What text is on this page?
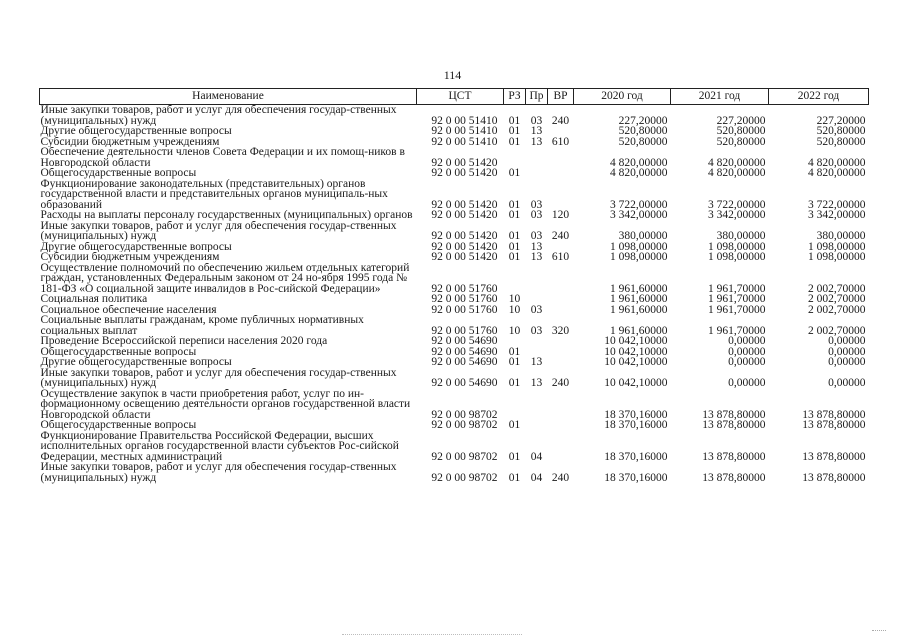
114
Наименование	ЦСТ	РЗ	Пр	ВР	2020 год	2021 год	2022 год
Иные закупки товаров, работ и услуг для обеспечения государ-ственных (муниципальных) нужд	92 0 00 51410	01	03	240	227,20000	227,20000	227,20000
Другие общегосударственные вопросы	92 0 00 51410	01	13		520,80000	520,80000	520,80000
Субсидии бюджетным учреждениям	92 0 00 51410	01	13	610	520,80000	520,80000	520,80000
Обеспечение деятельности членов Совета Федерации и их помощ-ников в Новгородской области	92 0 00 51420				4 820,00000	4 820,00000	4 820,00000
Общегосударственные вопросы	92 0 00 51420	01			4 820,00000	4 820,00000	4 820,00000
Функционирование законодательных (представительных) органов государственной власти и представительных органов муниципаль-ных образований	92 0 00 51420	01	03		3 722,00000	3 722,00000	3 722,00000
Расходы на выплаты персоналу государственных (муниципальных) органов	92 0 00 51420	01	03	120	3 342,00000	3 342,00000	3 342,00000
Иные закупки товаров, работ и услуг для обеспечения государ-ственных (муниципальных) нужд	92 0 00 51420	01	03	240	380,00000	380,00000	380,00000
Другие общегосударственные вопросы	92 0 00 51420	01	13		1 098,00000	1 098,00000	1 098,00000
Субсидии бюджетным учреждениям	92 0 00 51420	01	13	610	1 098,00000	1 098,00000	1 098,00000
Осуществление полномочий по обеспечению жильем отдельных категорий граждан, установленных Федеральным законом от 24 но-ября 1995 года № 181-ФЗ «О социальной защите инвалидов в Рос-сийской Федерации»	92 0 00 51760				1 961,60000	1 961,70000	2 002,70000
Социальная политика	92 0 00 51760	10			1 961,60000	1 961,70000	2 002,70000
Социальное обеспечение населения	92 0 00 51760	10	03		1 961,60000	1 961,70000	2 002,70000
Социальные выплаты гражданам, кроме публичных нормативных социальных выплат	92 0 00 51760	10	03	320	1 961,60000	1 961,70000	2 002,70000
Проведение Всероссийской переписи населения 2020 года	92 0 00 54690				10 042,10000	0,00000	0,00000
Общегосударственные вопросы	92 0 00 54690	01			10 042,10000	0,00000	0,00000
Другие общегосударственные вопросы	92 0 00 54690	01	13		10 042,10000	0,00000	0,00000
Иные закупки товаров, работ и услуг для обеспечения государ-ственных (муниципальных) нужд	92 0 00 54690	01	13	240	10 042,10000	0,00000	0,00000
Осуществление закупок в части приобретения работ, услуг по ин-формационному освещению деятельности органов государственной власти Новгородской области	92 0 00 98702				18 370,16000	13 878,80000	13 878,80000
Общегосударственные вопросы	92 0 00 98702	01			18 370,16000	13 878,80000	13 878,80000
Функционирование Правительства Российской Федерации, высших исполнительных органов государственной власти субъектов Рос-сийской Федерации, местных администраций	92 0 00 98702	01	04		18 370,16000	13 878,80000	13 878,80000
Иные закупки товаров, работ и услуг для обеспечения государ-ственных (муниципальных) нужд	92 0 00 98702	01	04	240	18 370,16000	13 878,80000	13 878,80000
